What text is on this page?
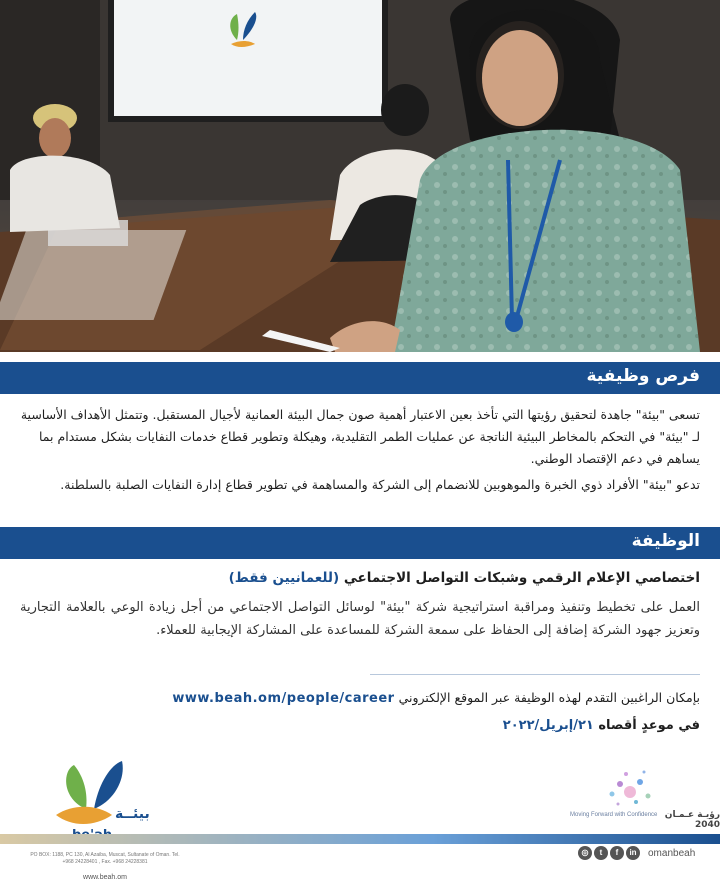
فرص وظيفية

تسعى "بيئة" جاهدة لتحقيق رؤيتها التي تأخذ بعين الاعتبار أهمية صون جمال البيئة العمانية لأجيال المستقبل. وتتمثل الأهداف الأساسية لـ "بيئة" في التحكم بالمخاطر البيئية الناتجة عن عمليات الطمر التقليدية، وهيكلة وتطوير قطاع خدمات النفايات بشكل مستدام بما يساهم في دعم الإقتصاد الوطني.

تدعو "بيئة" الأفراد ذوي الخبرة والموهوبين للانضمام إلى الشركة والمساهمة في تطوير قطاع إدارة النفايات الصلبة بالسلطنة.

الوظيفة
اختصاصي الإعلام الرقمي وشبكات التواصل الاجتماعي (للعمانيين فقط)
العمل على تخطيط وتنفيذ ومراقبة استراتيجية شركة "بيئة" لوسائل التواصل الاجتماعي من أجل زيادة الوعي بالعلامة التجارية وتعزيز جهود الشركة إضافة إلى الحفاظ على سمعة الشركة للمساعدة على المشاركة الإيجابية للعملاء.
بإمكان الراغبين التقدم لهذه الوظيفة عبر الموقع الإلكتروني www.beah.om/people/career
في موعدٍ أقصاه ٢١/إبريل/٢٠٢٢
بيئــة
PO BOX: 1188, PC 130, Al Azaiba, Muscat, Sultanate of Oman. Tel. +968 24228401 , Fax. +968 24228381
www.beah.om
رؤيـة عـمـان 2040
Moving Forward with Confidence
◎	t	f	in	omanbeah
